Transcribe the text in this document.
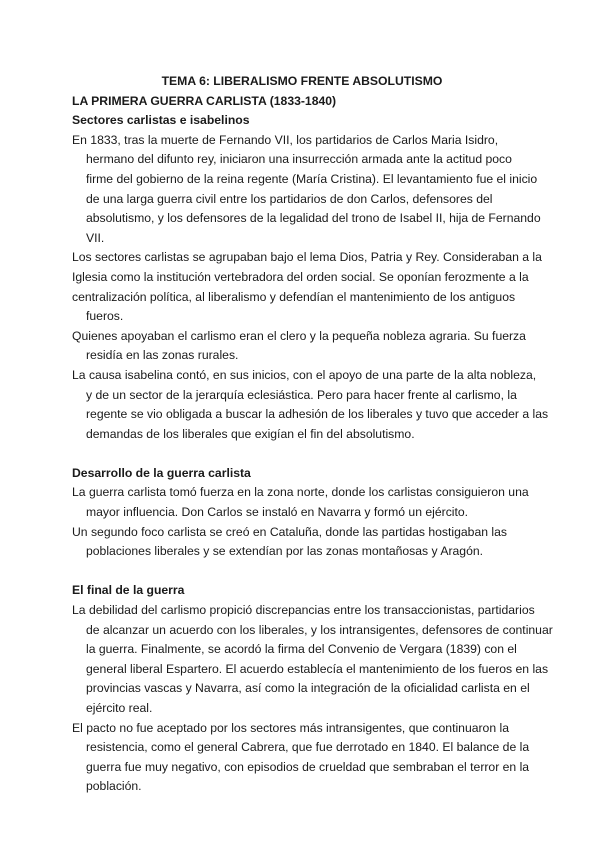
TEMA 6: LIBERALISMO FRENTE ABSOLUTISMO

LA PRIMERA GUERRA CARLISTA (1833-1840)

Sectores carlistas e isabelinos

En 1833, tras la muerte de Fernando VII, los partidarios de Carlos Maria Isidro,
hermano del difunto rey, iniciaron una insurrección armada ante la actitud poco
firme del gobierno de la reina regente (María Cristina). El levantamiento fue el inicio
de una larga guerra civil entre los partidarios de don Carlos, defensores del
absolutismo, y los defensores de la legalidad del trono de Isabel II, hija de Fernando
VII.

Los sectores carlistas se agrupaban bajo el lema Dios, Patria y Rey. Consideraban a la
Iglesia como la institución vertebradora del orden social. Se oponían ferozmente a la
centralización política, al liberalismo y defendían el mantenimiento de los antiguos
fueros.

Quienes apoyaban el carlismo eran el clero y la pequeña nobleza agraria. Su fuerza
residía en las zonas rurales.

La causa isabelina contó, en sus inicios, con el apoyo de una parte de la alta nobleza,
y de un sector de la jerarquía eclesiástica. Pero para hacer frente al carlismo, la
regente se vio obligada a buscar la adhesión de los liberales y tuvo que acceder a las
demandas de los liberales que exigían el fin del absolutismo.

Desarrollo de la guerra carlista

La guerra carlista tomó fuerza en la zona norte, donde los carlistas consiguieron una
mayor influencia. Don Carlos se instaló en Navarra y formó un ejército.

Un segundo foco carlista se creó en Cataluña, donde las partidas hostigaban las
poblaciones liberales y se extendían por las zonas montañosas y Aragón.

El final de la guerra

La debilidad del carlismo propició discrepancias entre los transaccionistas, partidarios
de alcanzar un acuerdo con los liberales, y los intransigentes, defensores de continuar
la guerra. Finalmente, se acordó la firma del Convenio de Vergara (1839) con el
general liberal Espartero. El acuerdo establecía el mantenimiento de los fueros en las
provincias vascas y Navarra, así como la integración de la oficialidad carlista en el
ejército real.

El pacto no fue aceptado por los sectores más intransigentes, que continuaron la
resistencia, como el general Cabrera, que fue derrotado en 1840. El balance de la
guerra fue muy negativo, con episodios de crueldad que sembraban el terror en la
población.
